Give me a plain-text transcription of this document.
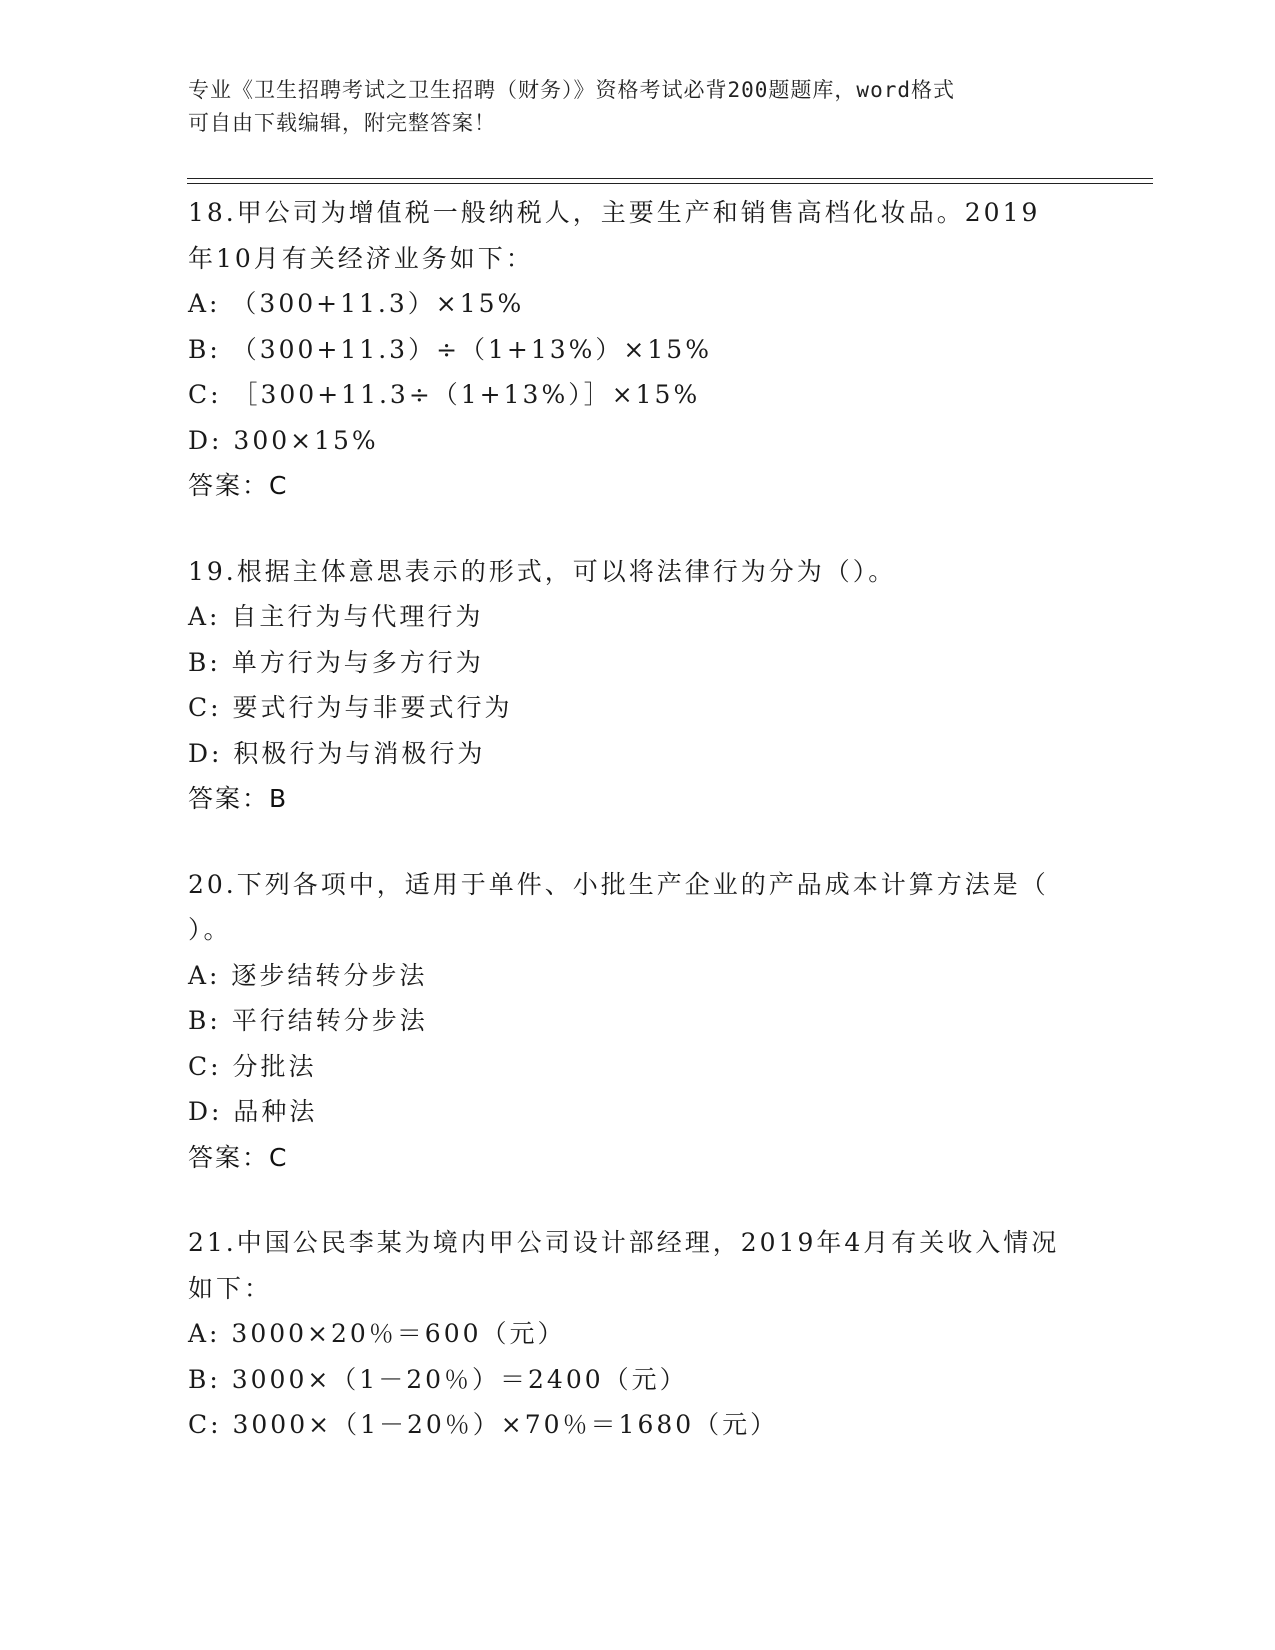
专业《卫生招聘考试之卫生招聘（财务）》资格考试必背200题题库，word格式
可自由下载编辑，附完整答案！
18.甲公司为增值税一般纳税人，主要生产和销售高档化妆品。2019
年10月有关经济业务如下：
A: （300+11.3）×15%
B: （300+11.3）÷（1+13%）×15%
C: ［300+11.3÷（1+13%）］×15%
D: 300×15%
答案：C
19.根据主体意思表示的形式，可以将法律行为分为（）。
A: 自主行为与代理行为
B: 单方行为与多方行为
C: 要式行为与非要式行为
D: 积极行为与消极行为
答案：B
20.下列各项中，适用于单件、小批生产企业的产品成本计算方法是（
）。
A: 逐步结转分步法
B: 平行结转分步法
C: 分批法
D: 品种法
答案：C
21.中国公民李某为境内甲公司设计部经理，2019年4月有关收入情况
如下：
A: 3000×20％＝600（元）
B: 3000×（1－20％）＝2400（元）
C: 3000×（1－20％）×70％＝1680（元）
